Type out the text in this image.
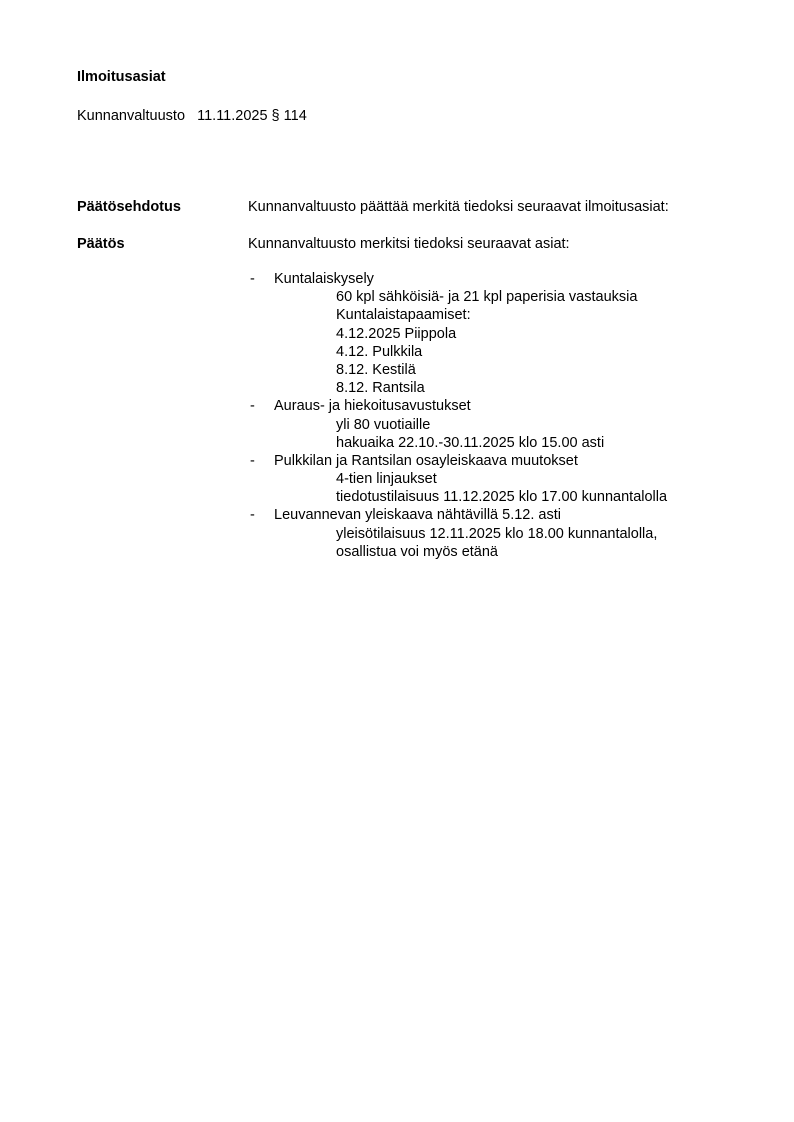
Ilmoitusasiat
Kunnanvaltuusto   11.11.2025 § 114
Päätösehdotus	Kunnanvaltuusto päättää merkitä tiedoksi seuraavat ilmoitusasiat:
Päätös	Kunnanvaltuusto merkitsi tiedoksi seuraavat asiat:
- Kuntalaiskysely
60 kpl sähköisiä- ja 21 kpl paperisia vastauksia
Kuntalaistapaamiset:
4.12.2025 Piippola
4.12. Pulkkila
8.12. Kestilä
8.12. Rantsila
- Auraus- ja hiekoitusavustukset
yli 80 vuotiaille
hakuaika 22.10.-30.11.2025 klo 15.00 asti
- Pulkkilan ja Rantsilan osayleiskaava muutokset
4-tien linjaukset
tiedotustilaisuus 11.12.2025 klo 17.00 kunnantalolla
- Leuvannevan yleiskaava nähtävillä 5.12. asti
yleisötilaisuus 12.11.2025 klo 18.00 kunnantalolla,
osallistua voi myös etänä
